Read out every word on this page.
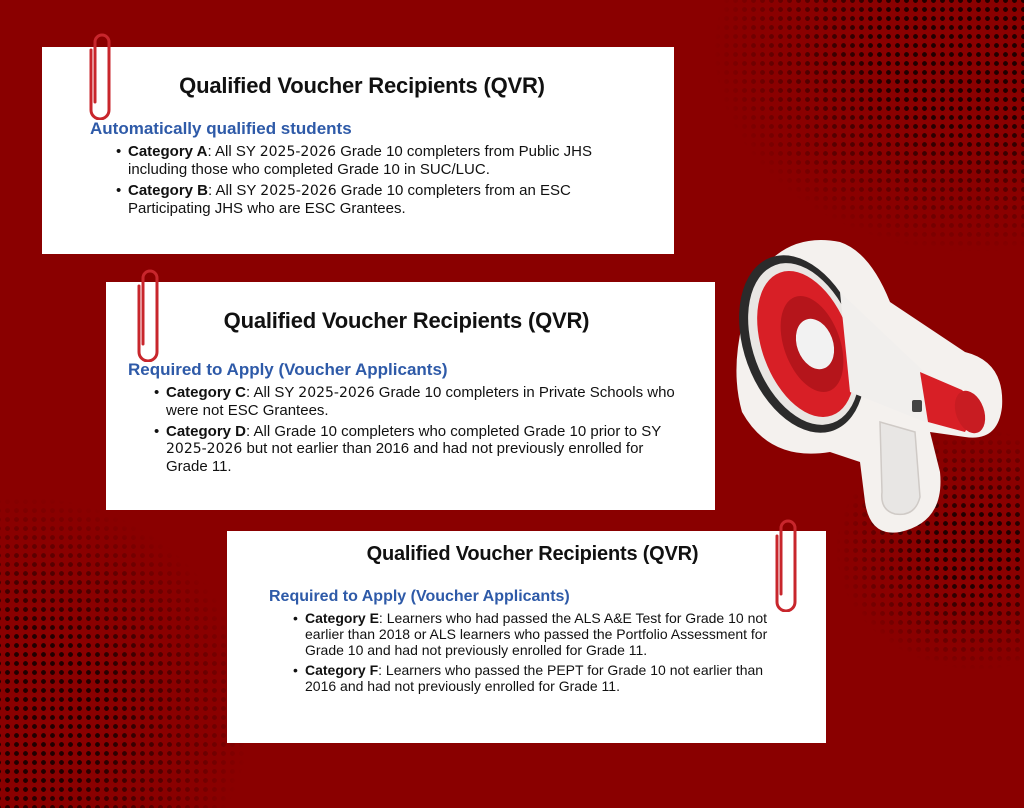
Qualified Voucher Recipients (QVR)
Automatically qualified students
• Category A: All SY 2025-2026 Grade 10 completers from Public JHS including those who completed Grade 10 in SUC/LUC.
• Category B: All SY 2025-2026 Grade 10 completers from an ESC Participating JHS who are ESC Grantees.
Qualified Voucher Recipients (QVR)
Required to Apply (Voucher Applicants)
• Category C: All SY 2025-2026 Grade 10 completers in Private Schools who were not ESC Grantees.
• Category D: All Grade 10 completers who completed Grade 10 prior to SY 2025-2026 but not earlier than 2016 and had not previously enrolled for Grade 11.
Qualified Voucher Recipients (QVR)
Required to Apply (Voucher Applicants)
• Category E: Learners who had passed the ALS A&E Test for Grade 10 not earlier than 2018 or ALS learners who passed the Portfolio Assessment for Grade 10 and had not previously enrolled for Grade 11.
• Category F: Learners who passed the PEPT for Grade 10 not earlier than 2016 and had not previously enrolled for Grade 11.
